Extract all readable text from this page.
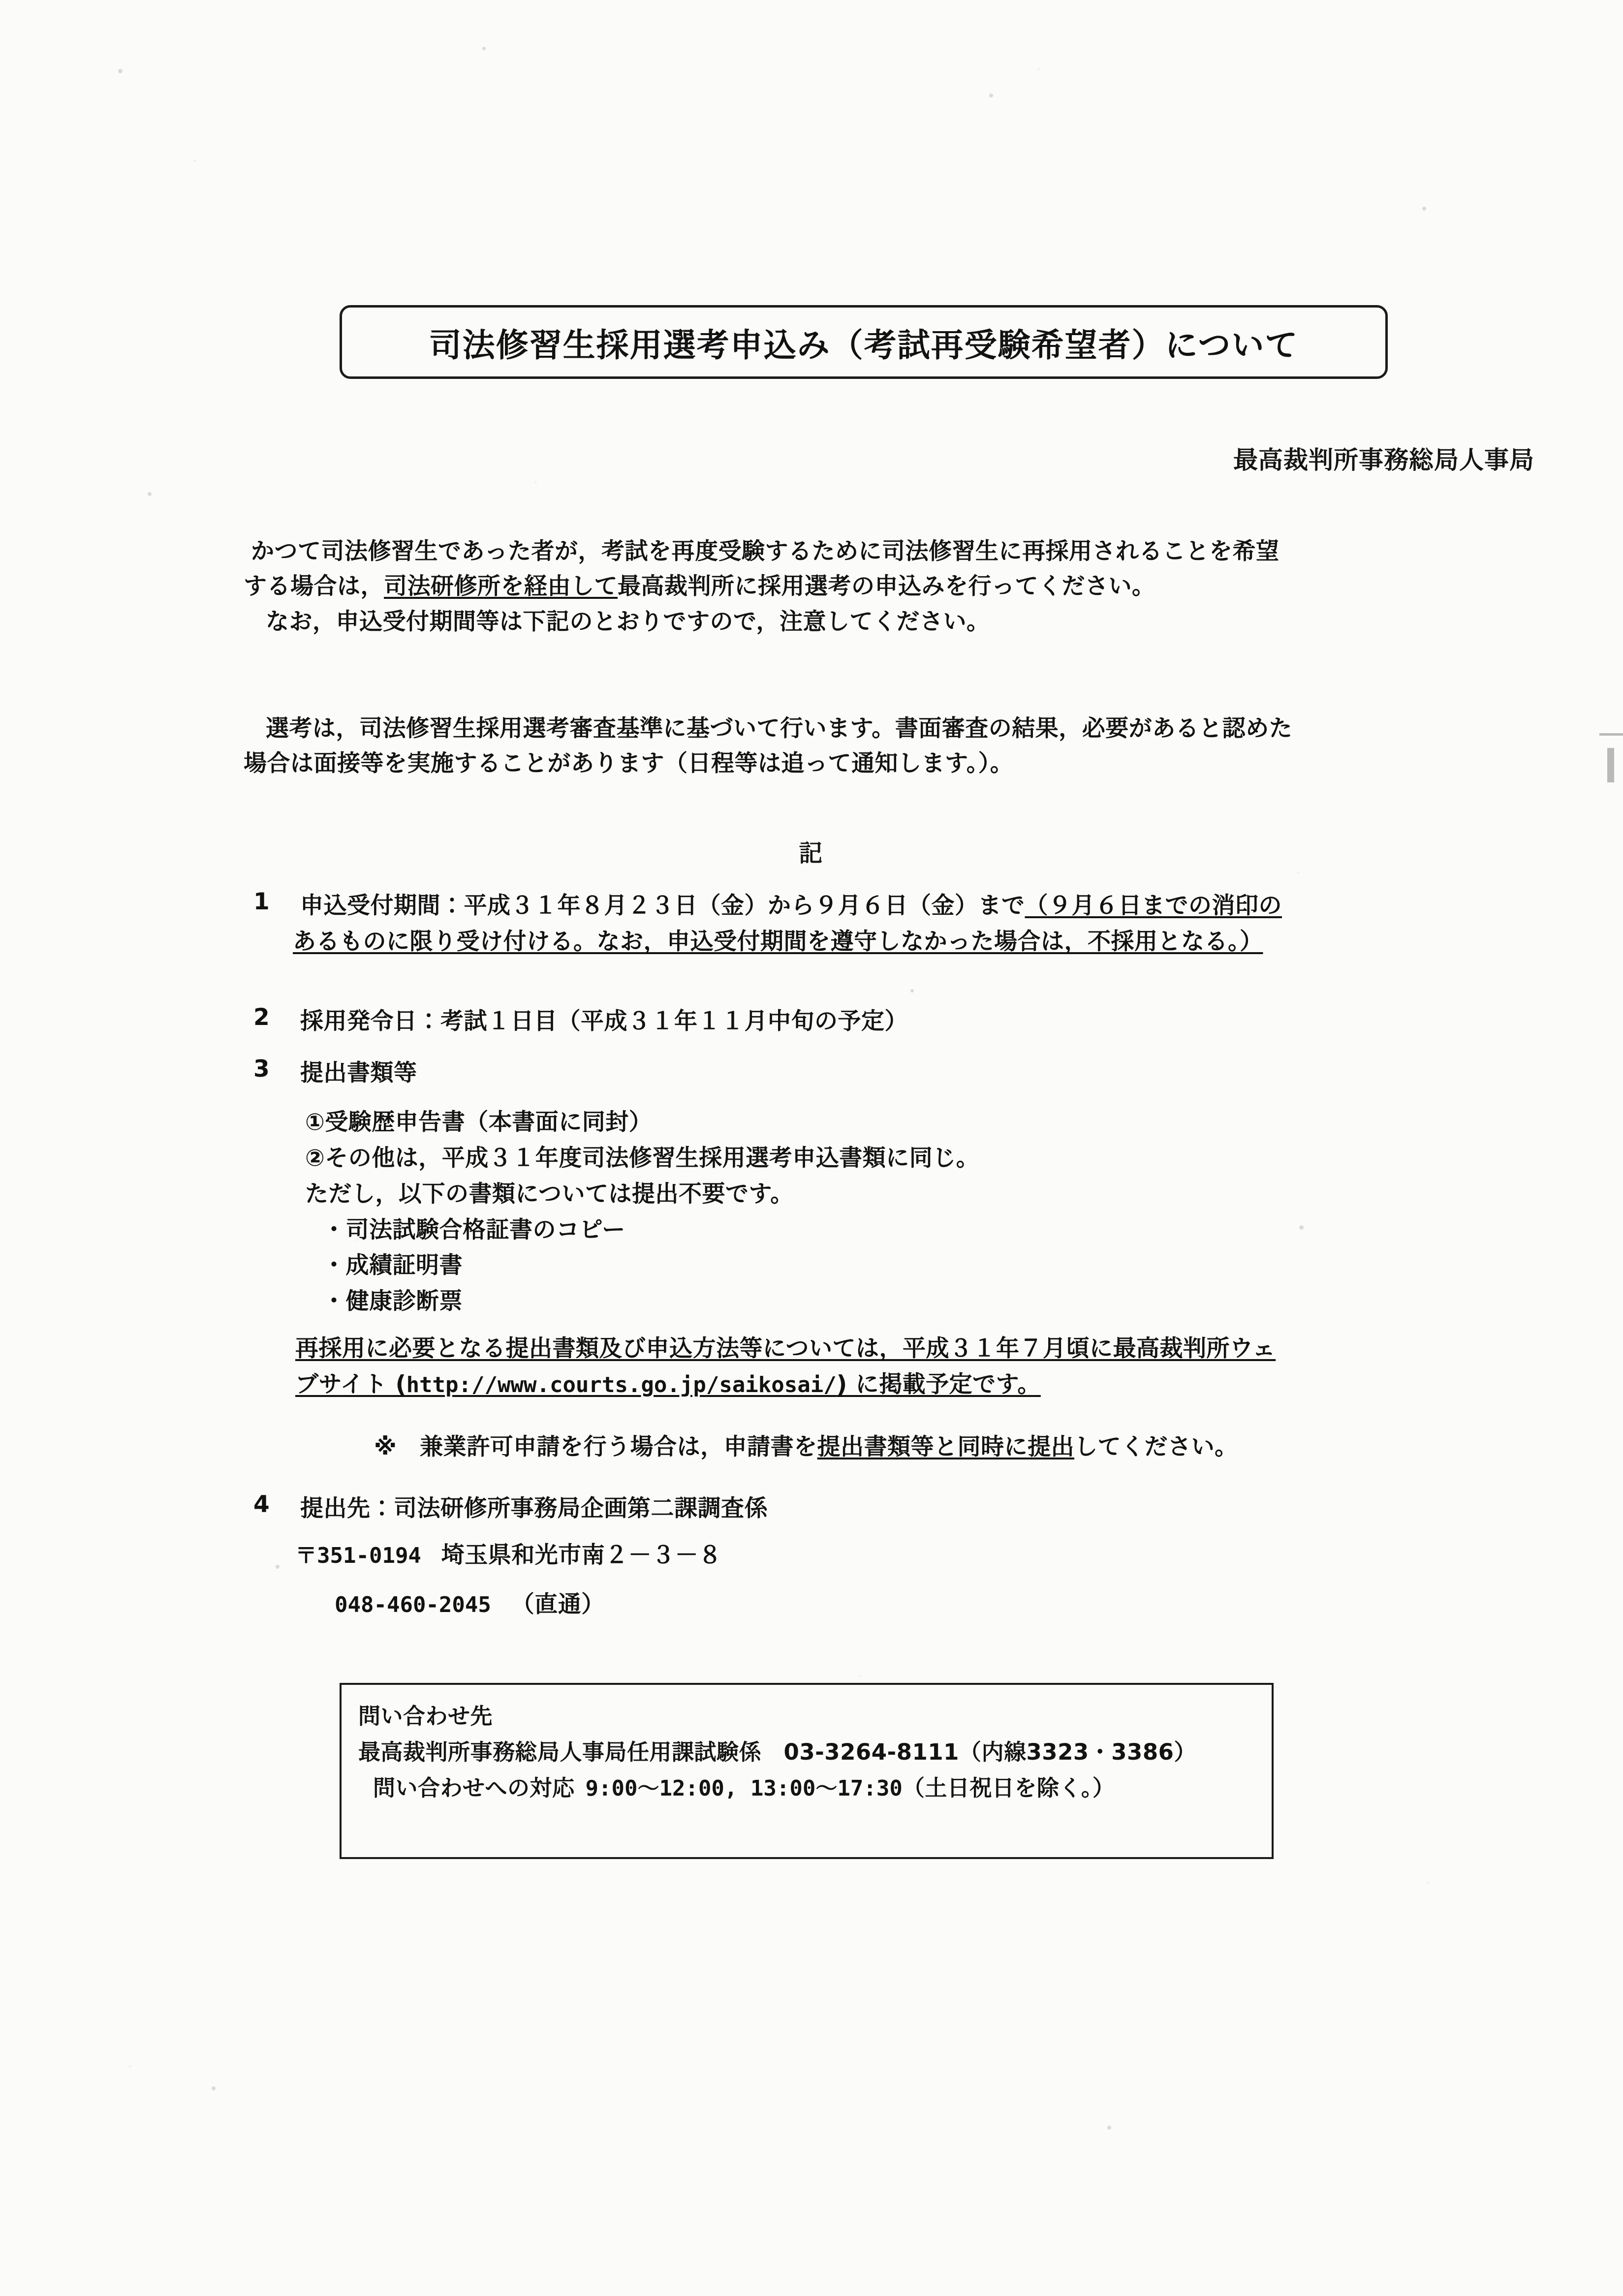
司法修習生採用選考申込み（考試再受験希望者）について
最高裁判所事務総局人事局
かつて司法修習生であった者が，考試を再度受験するために司法修習生に再採用されることを希望
する場合は，司法研修所を経由して最高裁判所に採用選考の申込みを行ってください。
なお，申込受付期間等は下記のとおりですので，注意してください。
選考は，司法修習生採用選考審査基準に基づいて行います。書面審査の結果，必要があると認めた
場合は面接等を実施することがあります（日程等は追って通知します。）。
記
1 申込受付期間：平成３１年８月２３日（金）から９月６日（金）まで（９月６日までの消印の
あるものに限り受け付ける。なお，申込受付期間を遵守しなかった場合は，不採用となる。）
2 採用発令日：考試１日目（平成３１年１１月中旬の予定）
3 提出書類等
①受験歴申告書（本書面に同封）
②その他は，平成３１年度司法修習生採用選考申込書類に同じ。
ただし，以下の書類については提出不要です。
・司法試験合格証書のコピー
・成績証明書
・健康診断票
再採用に必要となる提出書類及び申込方法等については，平成３１年７月頃に最高裁判所ウェ
ブサイト (http://www.courts.go.jp/saikosai/) に掲載予定です。
※ 兼業許可申請を行う場合は，申請書を提出書類等と同時に提出してください。
4 提出先：司法研修所事務局企画第二課調査係
〒351-0194 埼玉県和光市南２－３－８
048-460-2045 （直通）
問い合わせ先
最高裁判所事務総局人事局任用課試験係　03-3264-8111（内線3323・3386）
問い合わせへの対応 9:00～12:00, 13:00～17:30（土日祝日を除く。）
